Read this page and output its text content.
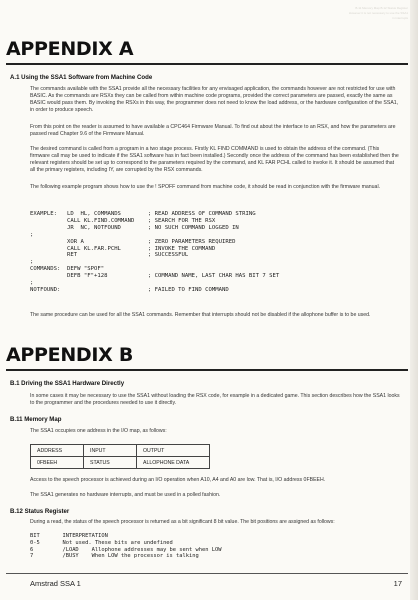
B.11 Memory Map B.12 Status Register However it is not necessary to use the SSA1 in interrupts
APPENDIX A
A.1 Using the SSA1 Software from Machine Code
The commands available with the SSA1 provide all the necessary facilities for any envisaged application, the commands however are not restricted for use with BASIC. As the commands are RSXs they can be called from within machine code programs, provided the correct parameters are passed, exactly the same as BASIC would pass them. By invoking the RSXs in this way, the programmer does not need to know the load address, or the hardware configuration of the SSA1, in order to produce speech.
From this point on the reader is assumed to have available a CPC464 Firmware Manual. To find out about the interface to an RSX, and how the parameters are passed read Chapter 9.6 of the Firmware Manual.
The desired command is called from a program in a two stage process. Firstly KL FIND COMMAND is used to obtain the address of the command. (This firmware call may be used to indicate if the SSA1 software has in fact been installed.) Secondly once the address of the command has been established then the relevant registers should be set up to correspond to the parameters required by the command, and KL FAR PCHL called to invoke it. It should be assumed that all the primary registers, including IY, are corrupted by the RSX commands.
The following example program shows how to use the ! SPOFF command from machine code, it should be read in conjunction with the firmware manual.
EXAMPLE:   LD  HL, COMMANDS        ; READ ADDRESS OF COMMAND STRING
CALL KL.FIND.COMMAND    ; SEARCH FOR THE RSX
JR  NC, NOTFOUND        ; NO SUCH COMMAND LOGGED IN
;
XOR A                   ; ZERO PARAMETERS REQUIRED
CALL KL.FAR.PCHL        ; INVOKE THE COMMAND
RET                     ; SUCCESSFUL
;
COMMANDS:  DEFW "SPOF"
DEFB "F"+128            ; COMMAND NAME, LAST CHAR HAS BIT 7 SET
;
NOTFOUND:                          ; FAILED TO FIND COMMAND
The same procedure can be used for all the SSA1 commands. Remember that interrupts should not be disabled if the allophone buffer is to be used.
APPENDIX B
B.1 Driving the SSA1 Hardware Directly
In some cases it may be necessary to use the SSA1 without loading the RSX code, for example in a dedicated game. This section describes how the SSA1 looks to the programmer and the procedures needed to use it directly.
B.11 Memory Map
The SSA1 occupies one address in the I/O map, as follows:
ADDRESS	INPUT	OUTPUT
0FBEEH	STATUS	ALLOPHONE DATA
Access to the speech processor is achieved during an I/O operation when A10, A4 and A0 are low. That is, I/O address 0FBEEH.
The SSA1 generates no hardware interrupts, and must be used in a polled fashion.
B.12 Status Register
During a read, the status of the speech processor is returned as a bit significant 8 bit value. The bit positions are assigned as follows:
BIT       INTERPRETATION
0-5       Not used. These bits are undefined
6         /LOAD    Allophone addresses may be sent when LOW
7         /BUSY    When LOW the processor is talking
Amstrad SSA 1	17
